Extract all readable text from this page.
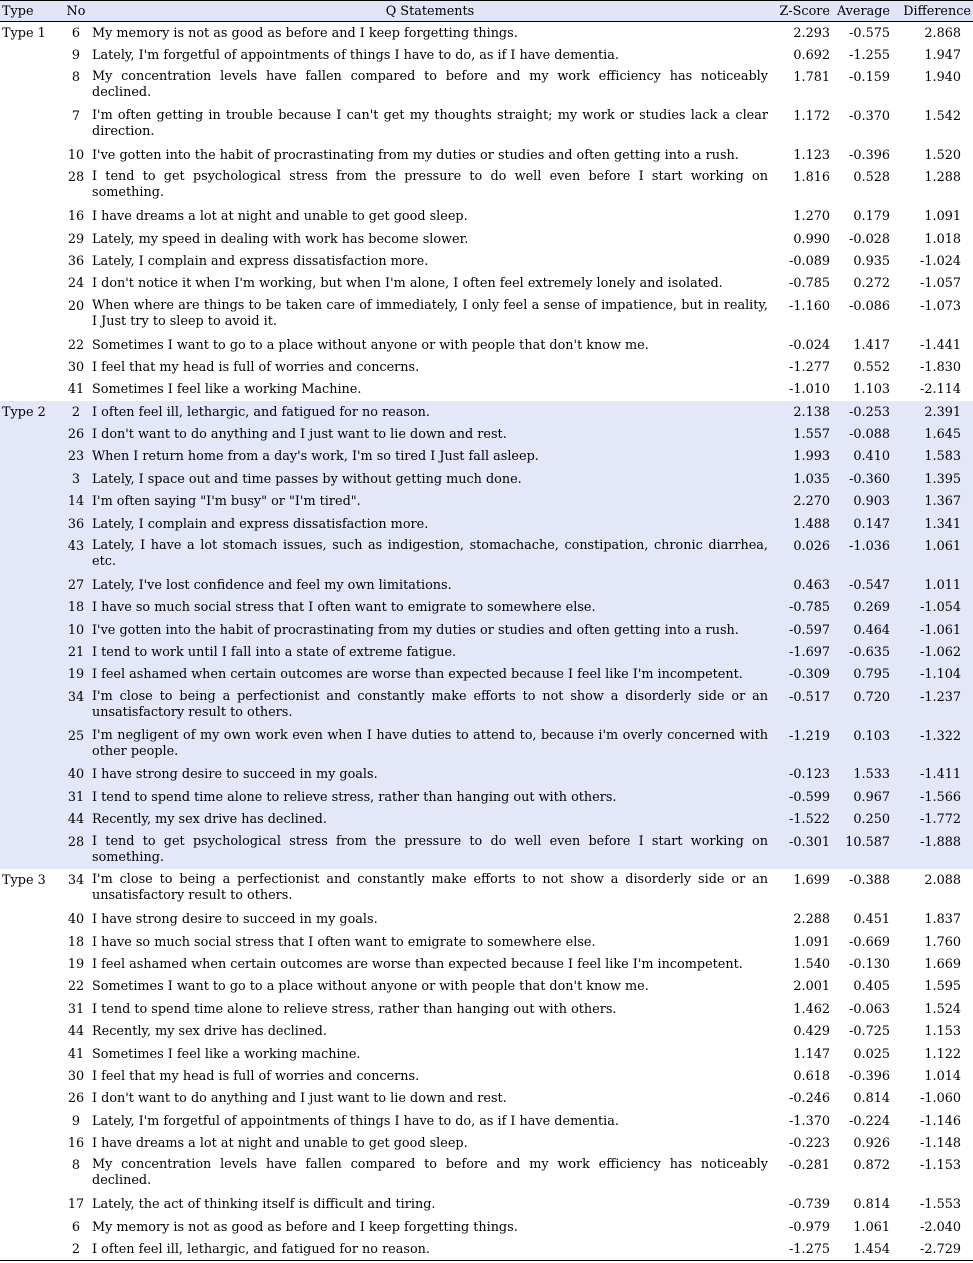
Type	No	Q Statements	Z-Score	Average	Difference
Type 1	6	My memory is not as good as before and I keep forgetting things.	2.293	-0.575	2.868
	9	Lately, I'm forgetful of appointments of things I have to do, as if I have dementia.	0.692	-1.255	1.947
	8	My concentration levels have fallen compared to before and my work efficiency has noticeably declined.	1.781	-0.159	1.940
	7	I'm often getting in trouble because I can't get my thoughts straight; my work or studies lack a clear direction.	1.172	-0.370	1.542
	10	I've gotten into the habit of procrastinating from my duties or studies and often getting into a rush.	1.123	-0.396	1.520
	28	I tend to get psychological stress from the pressure to do well even before I start working on something.	1.816	0.528	1.288
	16	I have dreams a lot at night and unable to get good sleep.	1.270	0.179	1.091
	29	Lately, my speed in dealing with work has become slower.	0.990	-0.028	1.018
	36	Lately, I complain and express dissatisfaction more.	-0.089	0.935	-1.024
	24	I don't notice it when I'm working, but when I'm alone, I often feel extremely lonely and isolated.	-0.785	0.272	-1.057
	20	When where are things to be taken care of immediately, I only feel a sense of impatience, but in reality, I Just try to sleep to avoid it.	-1.160	-0.086	-1.073
	22	Sometimes I want to go to a place without anyone or with people that don't know me.	-0.024	1.417	-1.441
	30	I feel that my head is full of worries and concerns.	-1.277	0.552	-1.830
	41	Sometimes I feel like a working Machine.	-1.010	1.103	-2.114
Type 2	2	I often feel ill, lethargic, and fatigued for no reason.	2.138	-0.253	2.391
	26	I don't want to do anything and I just want to lie down and rest.	1.557	-0.088	1.645
	23	When I return home from a day's work, I'm so tired I Just fall asleep.	1.993	0.410	1.583
	3	Lately, I space out and time passes by without getting much done.	1.035	-0.360	1.395
	14	I'm often saying "I'm busy" or "I'm tired".	2.270	0.903	1.367
	36	Lately, I complain and express dissatisfaction more.	1.488	0.147	1.341
	43	Lately, I have a lot stomach issues, such as indigestion, stomachache, constipation, chronic diarrhea, etc.	0.026	-1.036	1.061
	27	Lately, I've lost confidence and feel my own limitations.	0.463	-0.547	1.011
	18	I have so much social stress that I often want to emigrate to somewhere else.	-0.785	0.269	-1.054
	10	I've gotten into the habit of procrastinating from my duties or studies and often getting into a rush.	-0.597	0.464	-1.061
	21	I tend to work until I fall into a state of extreme fatigue.	-1.697	-0.635	-1.062
	19	I feel ashamed when certain outcomes are worse than expected because I feel like I'm incompetent.	-0.309	0.795	-1.104
	34	I'm close to being a perfectionist and constantly make efforts to not show a disorderly side or an unsatisfactory result to others.	-0.517	0.720	-1.237
	25	I'm negligent of my own work even when I have duties to attend to, because i'm overly concerned with other people.	-1.219	0.103	-1.322
	40	I have strong desire to succeed in my goals.	-0.123	1.533	-1.411
	31	I tend to spend time alone to relieve stress, rather than hanging out with others.	-0.599	0.967	-1.566
	44	Recently, my sex drive has declined.	-1.522	0.250	-1.772
	28	I tend to get psychological stress from the pressure to do well even before I start working on something.	-0.301	10.587	-1.888
Type 3	34	I'm close to being a perfectionist and constantly make efforts to not show a disorderly side or an unsatisfactory result to others.	1.699	-0.388	2.088
	40	I have strong desire to succeed in my goals.	2.288	0.451	1.837
	18	I have so much social stress that I often want to emigrate to somewhere else.	1.091	-0.669	1.760
	19	I feel ashamed when certain outcomes are worse than expected because I feel like I'm incompetent.	1.540	-0.130	1.669
	22	Sometimes I want to go to a place without anyone or with people that don't know me.	2.001	0.405	1.595
	31	I tend to spend time alone to relieve stress, rather than hanging out with others.	1.462	-0.063	1.524
	44	Recently, my sex drive has declined.	0.429	-0.725	1.153
	41	Sometimes I feel like a working machine.	1.147	0.025	1.122
	30	I feel that my head is full of worries and concerns.	0.618	-0.396	1.014
	26	I don't want to do anything and I just want to lie down and rest.	-0.246	0.814	-1.060
	9	Lately, I'm forgetful of appointments of things I have to do, as if I have dementia.	-1.370	-0.224	-1.146
	16	I have dreams a lot at night and unable to get good sleep.	-0.223	0.926	-1.148
	8	My concentration levels have fallen compared to before and my work efficiency has noticeably declined.	-0.281	0.872	-1.153
	17	Lately, the act of thinking itself is difficult and tiring.	-0.739	0.814	-1.553
	6	My memory is not as good as before and I keep forgetting things.	-0.979	1.061	-2.040
	2	I often feel ill, lethargic, and fatigued for no reason.	-1.275	1.454	-2.729
